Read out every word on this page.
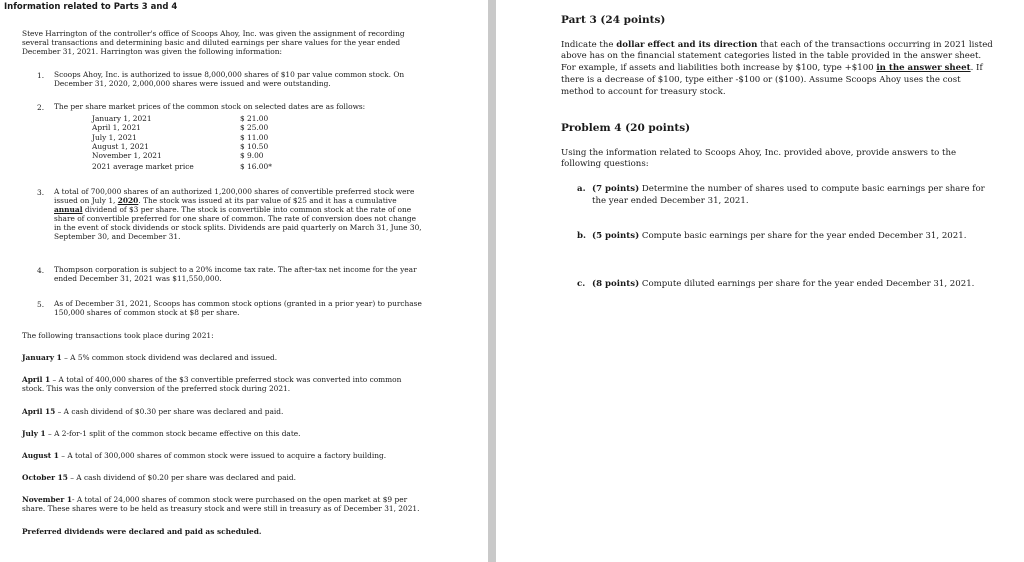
Information related to Parts 3 and 4
Steve Harrington of the controller's office of Scoops Ahoy, Inc. was given the assignment of recording
several transactions and determining basic and diluted earnings per share values for the year ended
December 31, 2021. Harrington was given the following information:
1. Scoops Ahoy, Inc. is authorized to issue 8,000,000 shares of $10 par value common stock. On
December 31, 2020, 2,000,000 shares were issued and were outstanding.
2. The per share market prices of the common stock on selected dates are as follows:
January 1, 2021	$ 21.00
April 1, 2021	$ 25.00
July 1, 2021	$ 11.00
August 1, 2021	$ 10.50
November 1, 2021	$ 9.00
2021 average market price	$ 16.00*
3. A total of 700,000 shares of an authorized 1,200,000 shares of convertible preferred stock were
issued on July 1, 2020. The stock was issued at its par value of $25 and it has a cumulative
annual dividend of $3 per share. The stock is convertible into common stock at the rate of one
share of convertible preferred for one share of common. The rate of conversion does not change
in the event of stock dividends or stock splits. Dividends are paid quarterly on March 31, June 30,
September 30, and December 31.
4. Thompson corporation is subject to a 20% income tax rate. The after-tax net income for the year
ended December 31, 2021 was $11,550,000.
5. As of December 31, 2021, Scoops has common stock options (granted in a prior year) to purchase
150,000 shares of common stock at $8 per share.
The following transactions took place during 2021:
January 1 – A 5% common stock dividend was declared and issued.
April 1 – A total of 400,000 shares of the $3 convertible preferred stock was converted into common
stock. This was the only conversion of the preferred stock during 2021.
April 15 – A cash dividend of $0.30 per share was declared and paid.
July 1 – A 2-for-1 split of the common stock became effective on this date.
August 1 – A total of 300,000 shares of common stock were issued to acquire a factory building.
October 15 – A cash dividend of $0.20 per share was declared and paid.
November 1- A total of 24,000 shares of common stock were purchased on the open market at $9 per
share. These shares were to be held as treasury stock and were still in treasury as of December 31, 2021.
Preferred dividends were declared and paid as scheduled.
Part 3 (24 points)
Indicate the dollar effect and its direction that each of the transactions occurring in 2021 listed
above has on the financial statement categories listed in the table provided in the answer sheet.
For example, if assets and liabilities both increase by $100, type +$100 in the answer sheet. If
there is a decrease of $100, type either -$100 or ($100). Assume Scoops Ahoy uses the cost
method to account for treasury stock.
Problem 4 (20 points)
Using the information related to Scoops Ahoy, Inc. provided above, provide answers to the
following questions:
a. (7 points) Determine the number of shares used to compute basic earnings per share for
the year ended December 31, 2021.
b. (5 points) Compute basic earnings per share for the year ended December 31, 2021.
c. (8 points) Compute diluted earnings per share for the year ended December 31, 2021.
